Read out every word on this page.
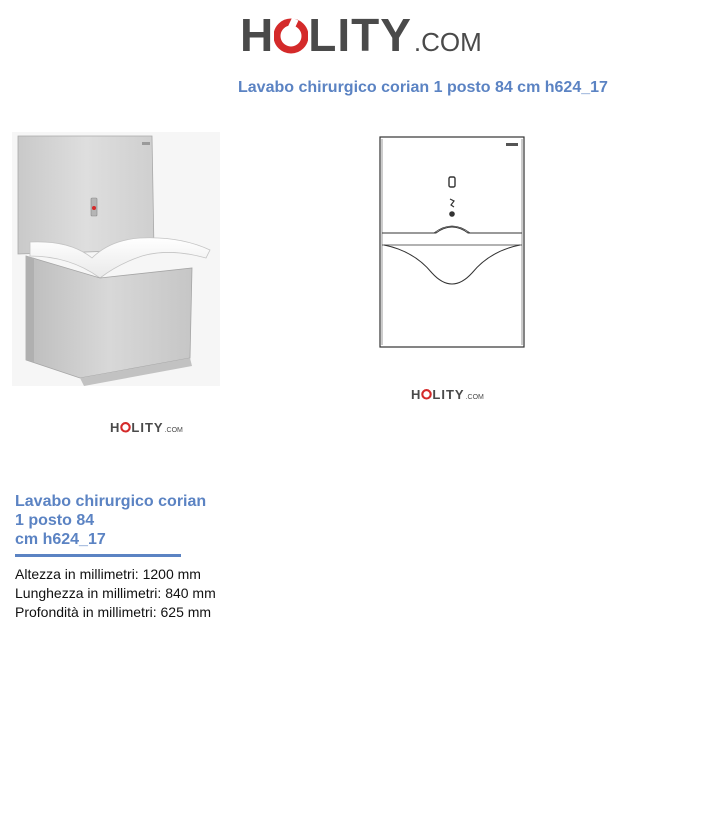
H LITY .COM
Lavabo chirurgico corian 1 posto 84 cm h624_17
H LITY .COM
H LITY .COM
Lavabo chirurgico corian
1 posto 84
cm h624_17
Altezza in millimetri: 1200 mm
Lunghezza in millimetri: 840 mm
Profondità in millimetri: 625 mm
